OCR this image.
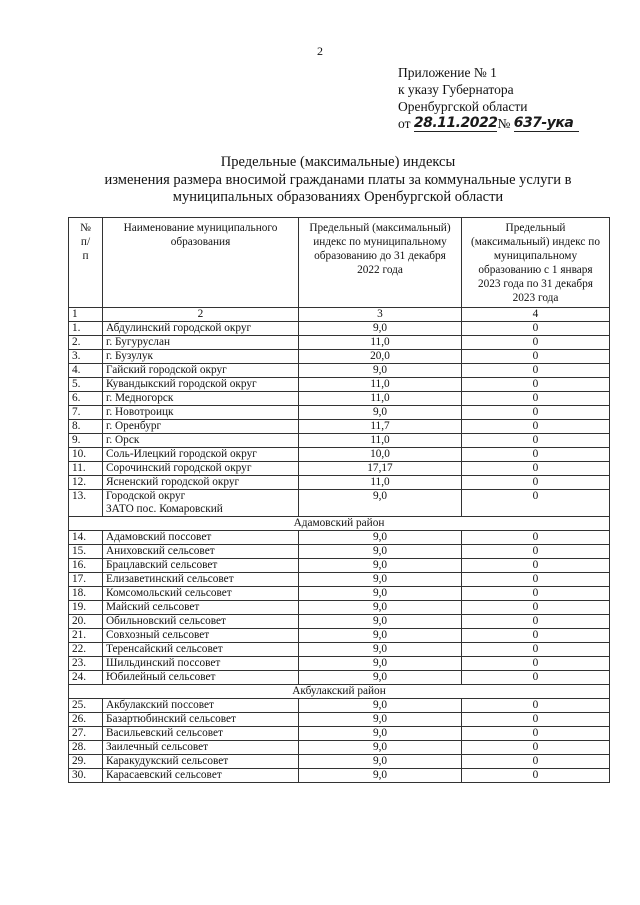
2
Приложение № 1
к указу Губернатора
Оренбургской области
от 28.11.2022 № 637-ука
Предельные (максимальные) индексы
изменения размера вносимой гражданами платы за коммунальные услуги в
муниципальных образованиях Оренбургской области
№ п/п	Наименование муниципального образования	Предельный (максимальный) индекс по муниципальному образованию до 31 декабря 2022 года	Предельный (максимальный) индекс по муниципальному образованию с 1 января 2023 года по 31 декабря 2023 года
1	2	3	4
1.	Абдулинский городской округ	9,0	0
2.	г. Бугуруслан	11,0	0
3.	г. Бузулук	20,0	0
4.	Гайский городской округ	9,0	0
5.	Кувандыкский городской округ	11,0	0
6.	г. Медногорск	11,0	0
7.	г. Новотроицк	9,0	0
8.	г. Оренбург	11,7	0
9.	г. Орск	11,0	0
10.	Соль-Илецкий городской округ	10,0	0
11.	Сорочинский городской округ	17,17	0
12.	Ясненский городской округ	11,0	0
13.	Городской округ
ЗАТО пос. Комаровский	9,0	0
Адамовский район			
14.	Адамовский поссовет	9,0	0
15.	Аниховский сельсовет	9,0	0
16.	Брацлавский сельсовет	9,0	0
17.	Елизаветинский сельсовет	9,0	0
18.	Комсомольский сельсовет	9,0	0
19.	Майский сельсовет	9,0	0
20.	Обильновский сельсовет	9,0	0
21.	Совхозный сельсовет	9,0	0
22.	Теренсайский сельсовет	9,0	0
23.	Шильдинский поссовет	9,0	0
24.	Юбилейный сельсовет	9,0	0
Акбулакский район			
25.	Акбулакский поссовет	9,0	0
26.	Базартюбинский сельсовет	9,0	0
27.	Васильевский сельсовет	9,0	0
28.	Заилечный сельсовет	9,0	0
29.	Каракудукский сельсовет	9,0	0
30.	Карасаевский сельсовет	9,0	0
